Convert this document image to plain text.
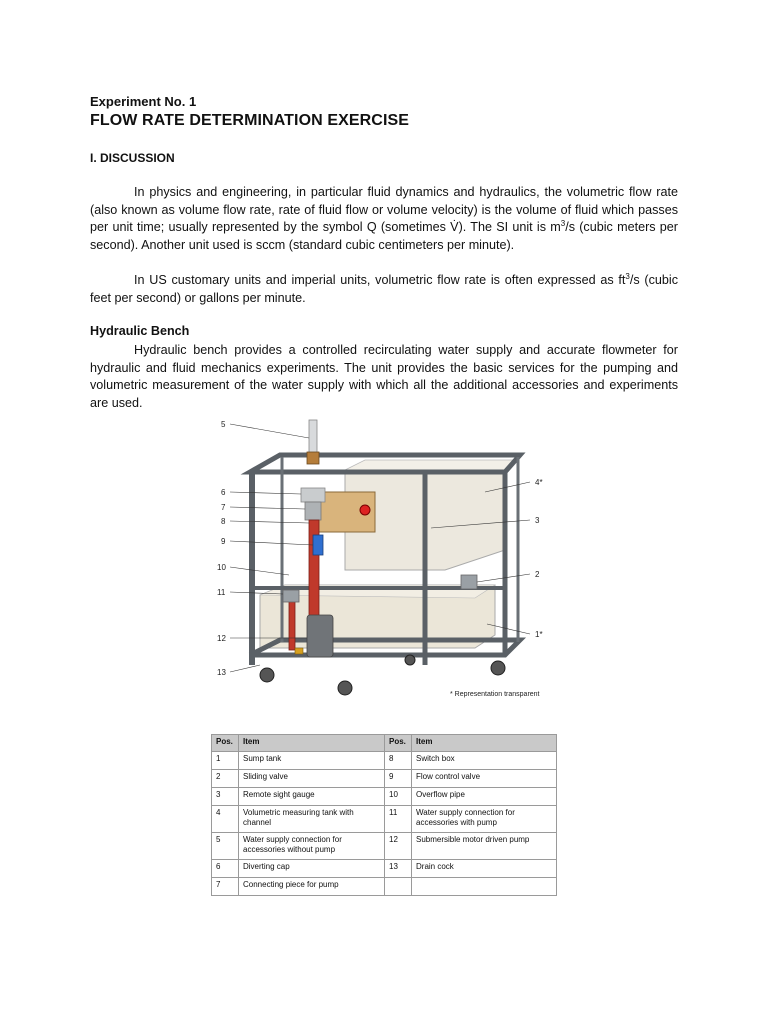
Experiment No. 1
FLOW RATE DETERMINATION EXERCISE
I. DISCUSSION
In physics and engineering, in particular fluid dynamics and hydraulics, the volumetric flow rate (also known as volume flow rate, rate of fluid flow or volume velocity) is the volume of fluid which passes per unit time; usually represented by the symbol Q (sometimes V̇). The SI unit is $m^3/s$ (cubic meters per second). Another unit used is sccm (standard cubic centimeters per minute).
In US customary units and imperial units, volumetric flow rate is often expressed as $ft^3/s$ (cubic feet per second) or gallons per minute.
Hydraulic Bench
Hydraulic bench provides a controlled recirculating water supply and accurate flowmeter for hydraulic and fluid mechanics experiments. The unit provides the basic services for the pumping and volumetric measurement of the water supply with which all the additional accessories and experiments are used.
5
6
7
8
9
10
11
12
13
4*
3
2
1*
* Representation transparent
Pos.	Item	Pos.	Item
1	Sump tank	8	Switch box
2	Sliding valve	9	Flow control valve
3	Remote sight gauge	10	Overflow pipe
4	Volumetric measuring tank with channel	11	Water supply connection for accessories with pump
5	Water supply connection for accessories without pump	12	Submersible motor driven pump
6	Diverting cap	13	Drain cock
7	Connecting piece for pump		
